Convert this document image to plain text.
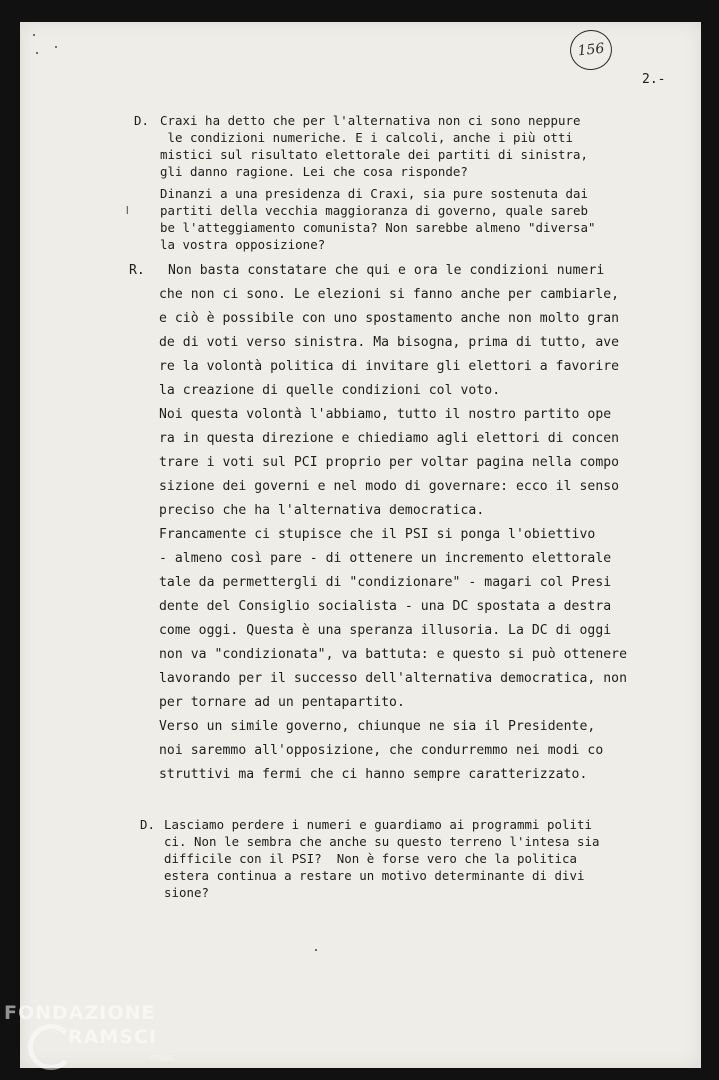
156
2.-
ǀ
D. Craxi ha detto che per l'alternativa non ci sono neppure
le condizioni numeriche. E i calcoli, anche i più otti
mistici sul risultato elettorale dei partiti di sinistra,
gli danno ragione. Lei che cosa risponde?
Dinanzi a una presidenza di Craxi, sia pure sostenuta dai
partiti della vecchia maggioranza di governo, quale sareb
be l'atteggiamento comunista? Non sarebbe almeno "diversa"
la vostra opposizione?
R. Non basta constatare che qui e ora le condizioni numeri
che non ci sono. Le elezioni si fanno anche per cambiarle,
e ciò è possibile con uno spostamento anche non molto gran
de di voti verso sinistra. Ma bisogna, prima di tutto, ave
re la volontà politica di invitare gli elettori a favorire
la creazione di quelle condizioni col voto.
Noi questa volontà l'abbiamo, tutto il nostro partito ope
ra in questa direzione e chiediamo agli elettori di concen
trare i voti sul PCI proprio per voltar pagina nella compo
sizione dei governi e nel modo di governare: ecco il senso
preciso che ha l'alternativa democratica.
Francamente ci stupisce che il PSI si ponga l'obiettivo
- almeno così pare - di ottenere un incremento elettorale
tale da permettergli di "condizionare" - magari col Presi
dente del Consiglio socialista - una DC spostata a destra
come oggi. Questa è una speranza illusoria. La DC di oggi
non va "condizionata", va battuta: e questo si può ottenere
lavorando per il successo dell'alternativa democratica, non
per tornare ad un pentapartito.
Verso un simile governo, chiunque ne sia il Presidente,
noi saremmo all'opposizione, che condurremmo nei modi co
struttivi ma fermi che ci hanno sempre caratterizzato.
D. Lasciamo perdere i numeri e guardiamo ai programmi politi
ci. Non le sembra che anche su questo terreno l'intesa sia
difficile con il PSI?  Non è forse vero che la politica
estera continua a restare un motivo determinante di divi
sione?
FONDAZIONE
RAMSCI
onlus
